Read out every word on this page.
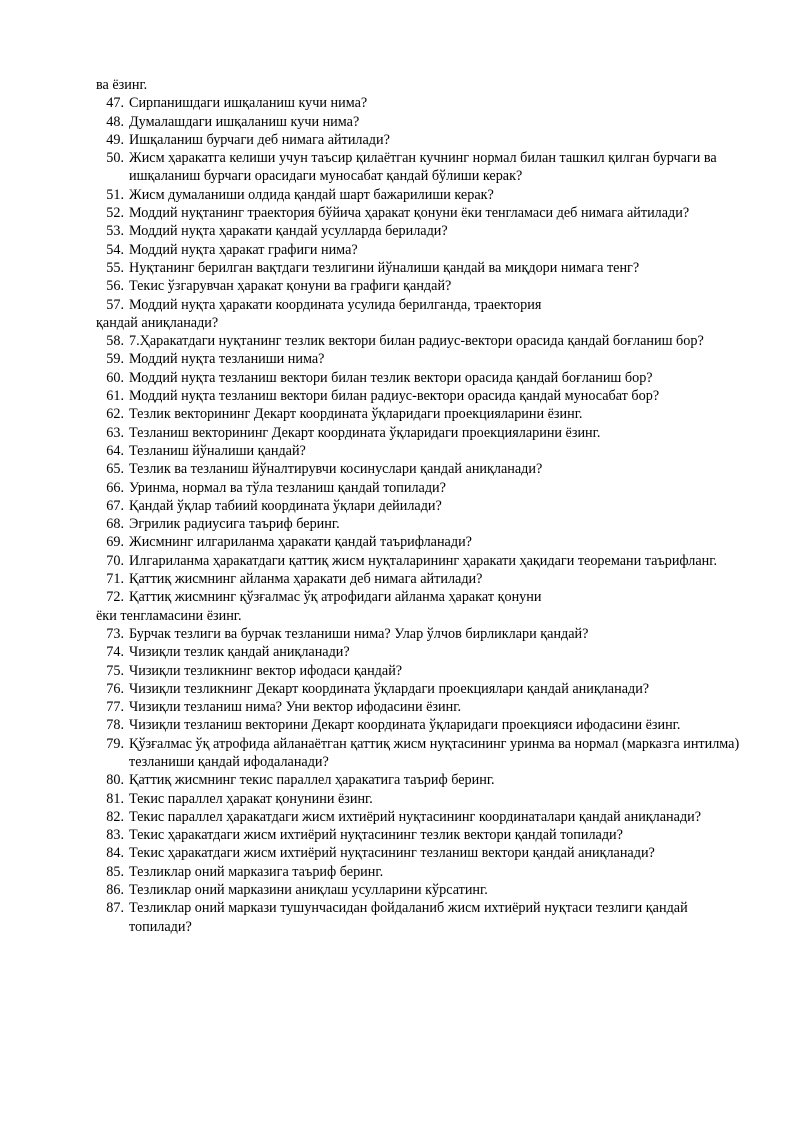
ва ёзинг.

47. Сирпанишдаги ишқаланиш кучи нима?
48. Думалашдаги ишқаланиш кучи нима?
49. Ишқаланиш бурчаги деб нимага айтилади?
50. Жисм ҳаракатга келиши учун таъсир қилаётган кучнинг нормал билан ташкил қилган бурчаги ва ишқаланиш бурчаги орасидаги муносабат қандай бўлиши керак?
51. Жисм думаланиши олдида қандай шарт бажарилиши керак?
52. Моддий нуқтанинг траектория бўйича ҳаракат қонуни ёки тенгламаси деб нимага айтилади?
53. Моддий нуқта ҳаракати қандай усулларда берилади?
54. Моддий нуқта ҳаракат графиги нима?
55. Нуқтанинг берилган вақтдаги тезлигини йўналиши қандай ва миқдори нимага тенг?
56. Текис ўзгарувчан ҳаракат қонуни ва графиги қандай?
57. Моддий нуқта ҳаракати координата усулида берилганда, траектория
қандай аниқланади?
58. 7.Ҳаракатдаги нуқтанинг тезлик вектори билан радиус-вектори орасида қандай боғланиш бор?
59. Моддий нуқта тезланиши нима?
60. Моддий нуқта тезланиш вектори билан тезлик вектори орасида қандай боғланиш бор?
61. Моддий нуқта тезланиш вектори билан радиус-вектори орасида қандай муносабат бор?
62. Тезлик векторининг Декарт координата ўқларидаги проекцияларини ёзинг.
63. Тезланиш векторининг Декарт координата ўқларидаги проекцияларини ёзинг.
64. Тезланиш йўналиши қандай?
65. Тезлик ва тезланиш йўналтирувчи косинуслари қандай аниқланади?
66. Уринма, нормал ва тўла тезланиш қандай топилади?
67. Қандай ўқлар табиий координата ўқлари дейилади?
68. Эгрилик радиусига таъриф беринг.
69. Жисмнинг илгариланма ҳаракати қандай таърифланади?
70. Илгариланма ҳаракатдаги қаттиқ жисм нуқталарининг ҳаракати ҳақидаги теоремани таърифланг.
71. Қаттиқ жисмнинг айланма ҳаракати деб нимага айтилади?
72. Қаттиқ жисмнинг қўзғалмас ўқ атрофидаги айланма ҳаракат қонуни
ёки тенгламасини ёзинг.
73. Бурчак тезлиги ва бурчак тезланиши нима? Улар ўлчов бирликлари қандай?
74. Чизиқли тезлик қандай аниқланади?
75. Чизиқли тезликнинг вектор ифодаси қандай?
76. Чизиқли тезликнинг Декарт координата ўқлардаги проекциялари қандай аниқланади?
77. Чизиқли тезланиш нима? Уни вектор ифодасини ёзинг.
78. Чизиқли тезланиш векторини Декарт координата ўқларидаги проекцияси ифодасини ёзинг.
79. Қўзғалмас ўқ атрофида айланаётган қаттиқ жисм нуқтасининг уринма ва нормал (марказга интилма) тезланиши қандай ифодаланади?
80. Қаттиқ жисмнинг текис параллел ҳаракатига таъриф беринг.
81. Текис параллел ҳаракат қонунини ёзинг.
82. Текис параллел ҳаракатдаги жисм ихтиёрий нуқтасининг координаталари қандай аниқланади?
83. Текис ҳаракатдаги жисм ихтиёрий нуқтасининг тезлик вектори қандай топилади?
84. Текис ҳаракатдаги жисм ихтиёрий нуқтасининг тезланиш вектори қандай аниқланади?
85. Тезликлар оний марказига таъриф беринг.
86. Тезликлар оний марказини аниқлаш усулларини кўрсатинг.
87. Тезликлар оний маркази тушунчасидан фойдаланиб жисм ихтиёрий нуқтаси тезлиги қандай топилади?
